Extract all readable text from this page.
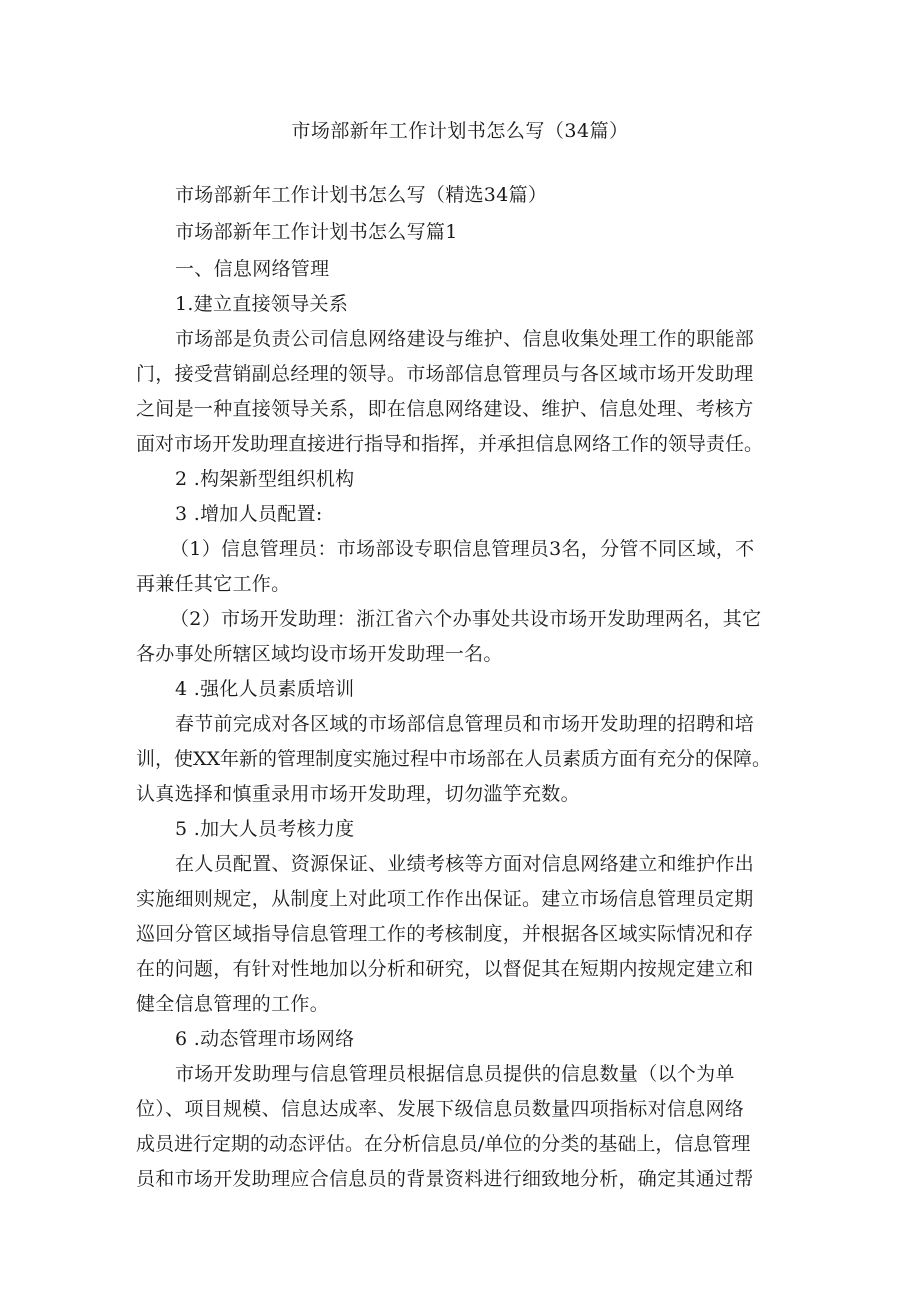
市场部新年工作计划书怎么写（34篇）
市场部新年工作计划书怎么写（精选34篇）
市场部新年工作计划书怎么写篇1
一、信息网络管理
1.建立直接领导关系
市场部是负责公司信息网络建设与维护、信息收集处理工作的职能部
门，接受营销副总经理的领导。市场部信息管理员与各区域市场开发助理
之间是一种直接领导关系，即在信息网络建设、维护、信息处理、考核方
面对市场开发助理直接进行指导和指挥，并承担信息网络工作的领导责任。
2 .构架新型组织机构
3 .增加人员配置:
（1）信息管理员：市场部设专职信息管理员3名，分管不同区域，不
再兼任其它工作。
（2）市场开发助理：浙江省六个办事处共设市场开发助理两名，其它
各办事处所辖区域均设市场开发助理一名。
4 .强化人员素质培训
春节前完成对各区域的市场部信息管理员和市场开发助理的招聘和培
训，使XX年新的管理制度实施过程中市场部在人员素质方面有充分的保障。
认真选择和慎重录用市场开发助理，切勿滥竽充数。
5 .加大人员考核力度
在人员配置、资源保证、业绩考核等方面对信息网络建立和维护作出
实施细则规定，从制度上对此项工作作出保证。建立市场信息管理员定期
巡回分管区域指导信息管理工作的考核制度，并根据各区域实际情况和存
在的问题，有针对性地加以分析和研究，以督促其在短期内按规定建立和
健全信息管理的工作。
6 .动态管理市场网络
市场开发助理与信息管理员根据信息员提供的信息数量（以个为单
位）、项目规模、信息达成率、发展下级信息员数量四项指标对信息网络
成员进行定期的动态评估。在分析信息员/单位的分类的基础上，信息管理
员和市场开发助理应合信息员的背景资料进行细致地分析，确定其通过帮
